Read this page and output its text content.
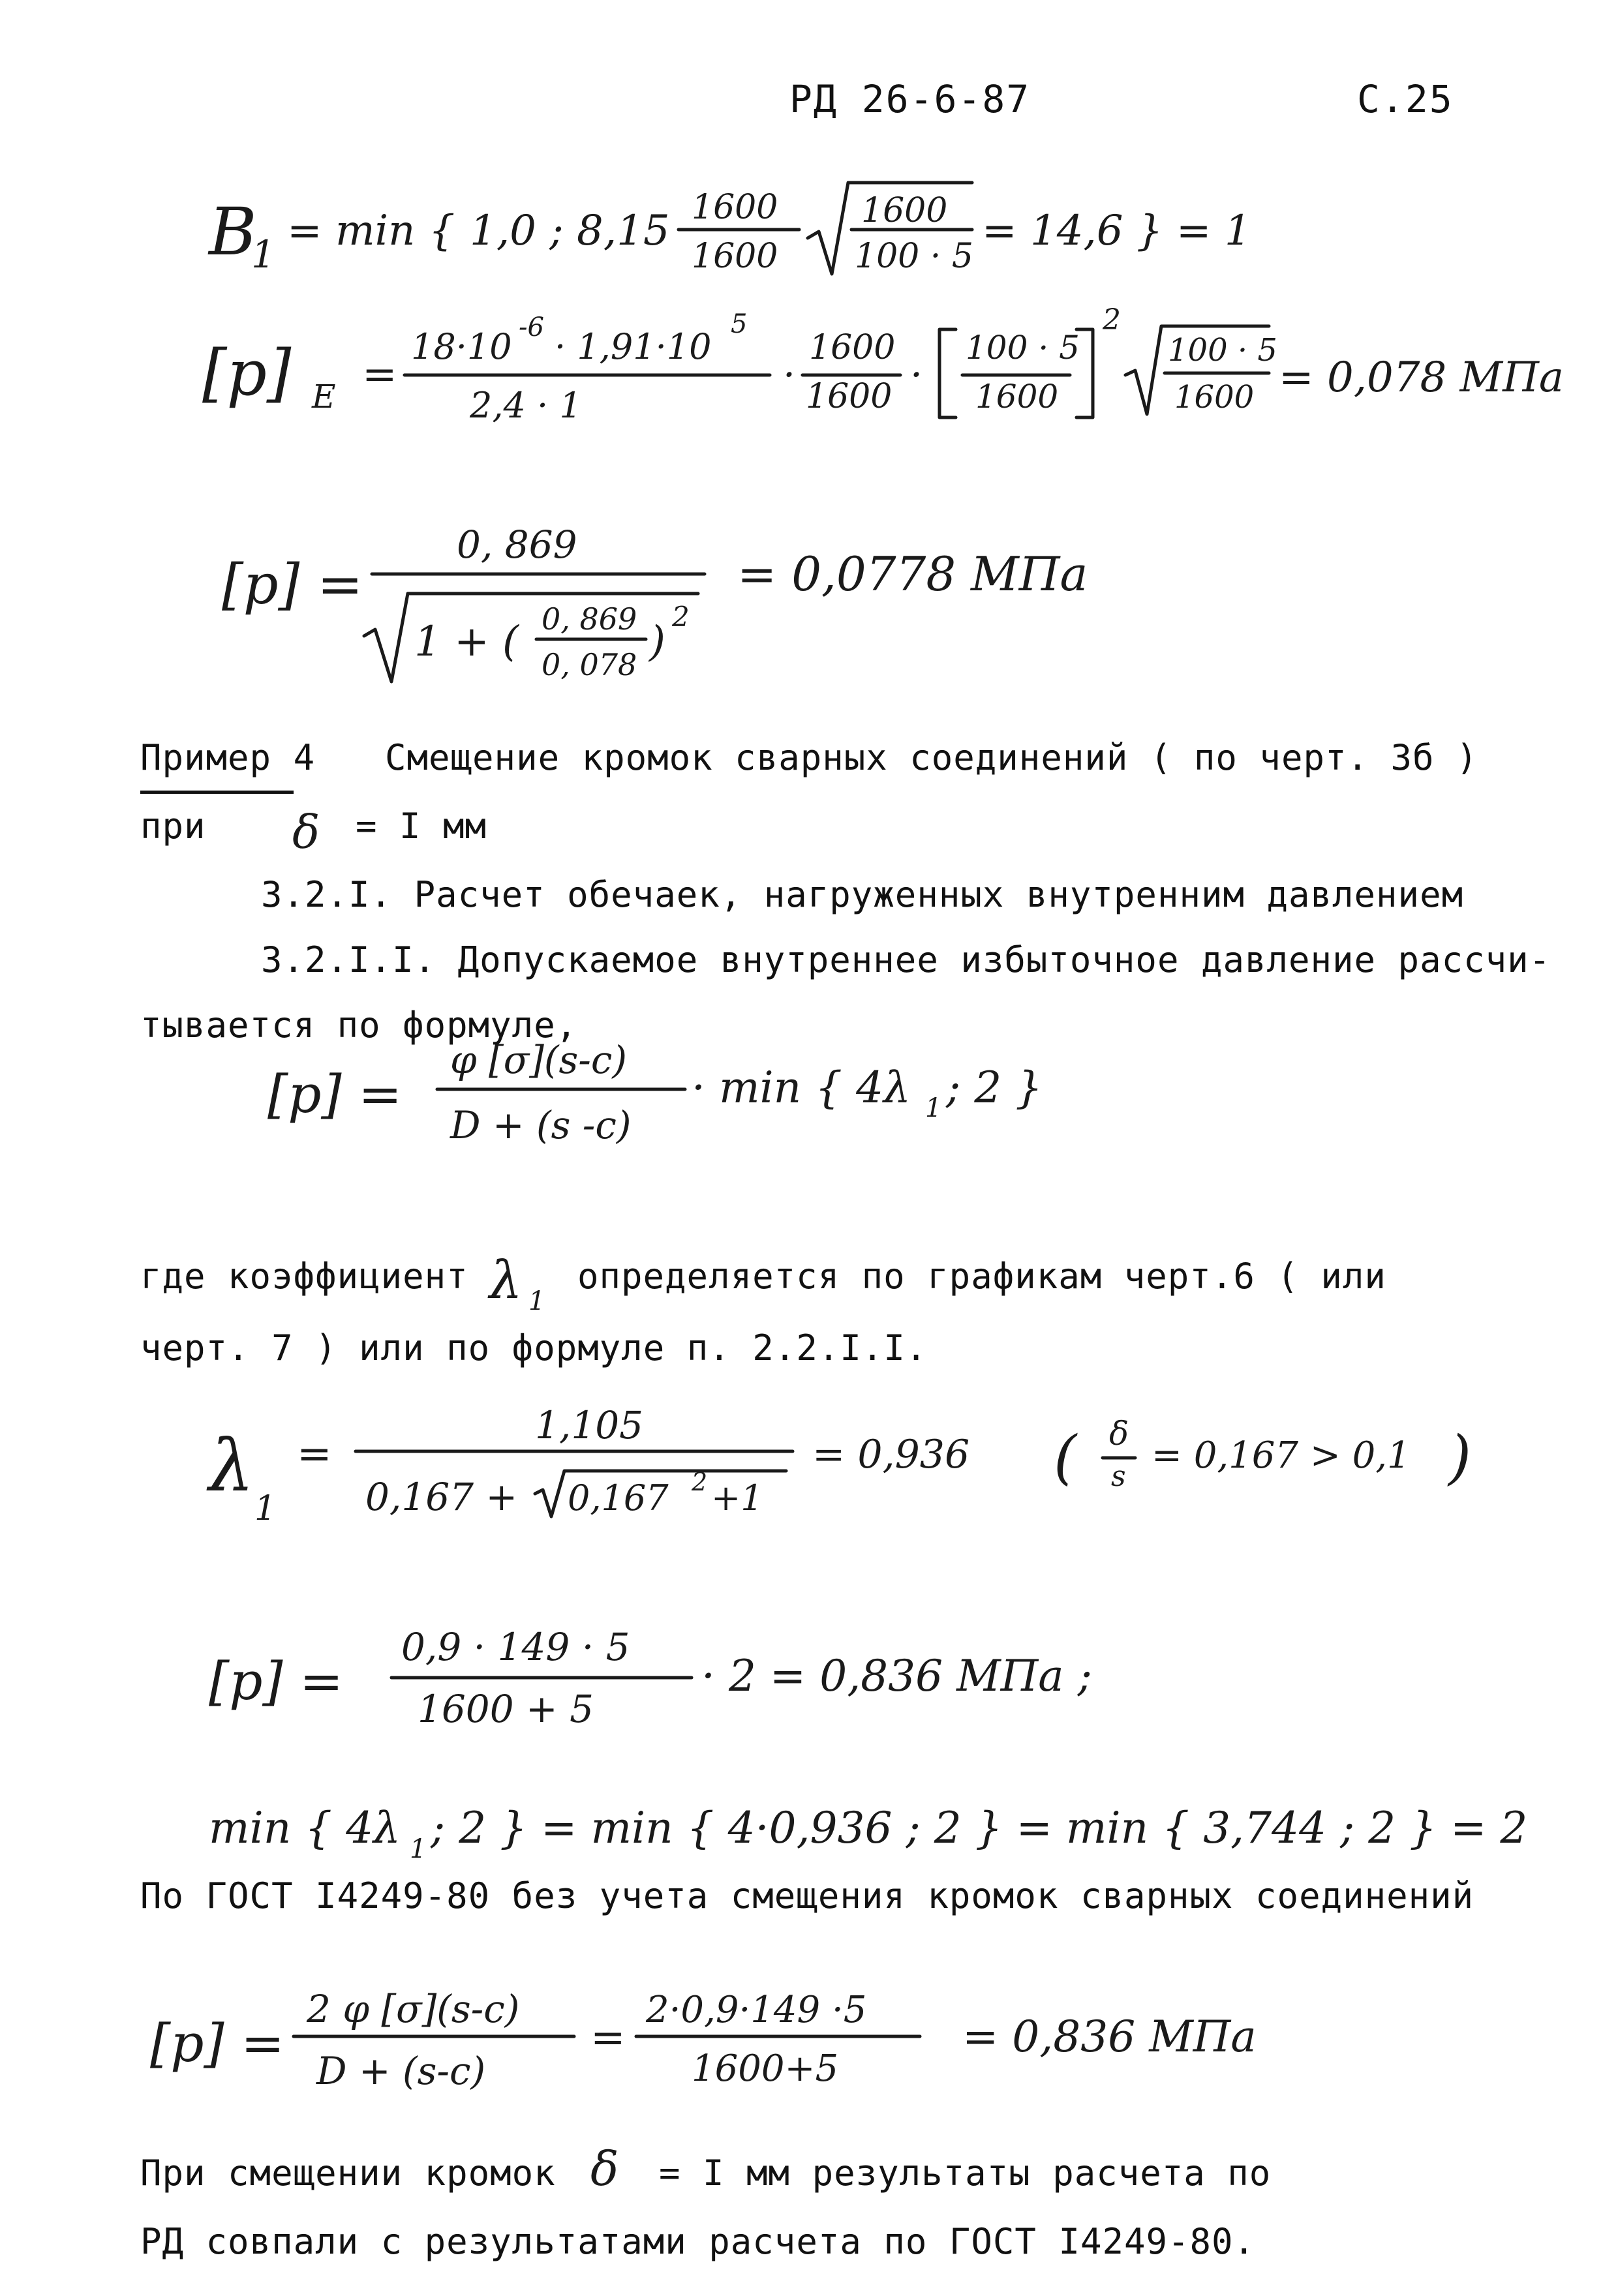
РД 26-6-87	С.25
B
1 = min { 1,0 ; 8,15 1600
1600
1600
100 · 5
= 14,6 } = 1
[p] E =
18·10 -6 · 1,91·10
5
2,4 · 1
·
1600
1600 ·
100 · 5
1600
2
100 · 5
1600 = 0,078 MПa
[p] =
0, 869
1 + ( 0, 869
0, 078 )
2
= 0,0778 MПa
[p] =
φ [σ](s-c)
D + (s -c)
· min { 4λ 1 ; 2 }
λ
1
=
1,105
0,167 + 0,167 2 +1
= 0,936 ( δ
s = 0,167 > 0,1 )
[p] =
0,9 · 149 · 5
1600 + 5
· 2 = 0,836 MПa ;
min { 4λ 1 ; 2 } = min { 4·0,936 ; 2 } = min { 3,744 ; 2 } = 2
[p] =
2 φ [σ](s-c)
D + (s-c)
=
2·0,9·149 ·5
1600+5
= 0,836 MПa
δ
λ 1
δ
Пример 4 Смещение кромок сварных соединений ( по черт. 3б )
при	= I мм
3.2.I. Расчет обечаек, нагруженных внутренним давлением
3.2.I.I. Допускаемое внутреннее избыточное давление рассчи-
тывается по формуле,
где коэффициент	определяется по графикам черт.6 ( или
черт. 7 ) или по формуле п. 2.2.I.I.
По ГОСТ I4249-80 без учета смещения кромок сварных соединений
При смещении кромок	= I мм результаты расчета по
РД совпали с результатами расчета по ГОСТ I4249-80.
